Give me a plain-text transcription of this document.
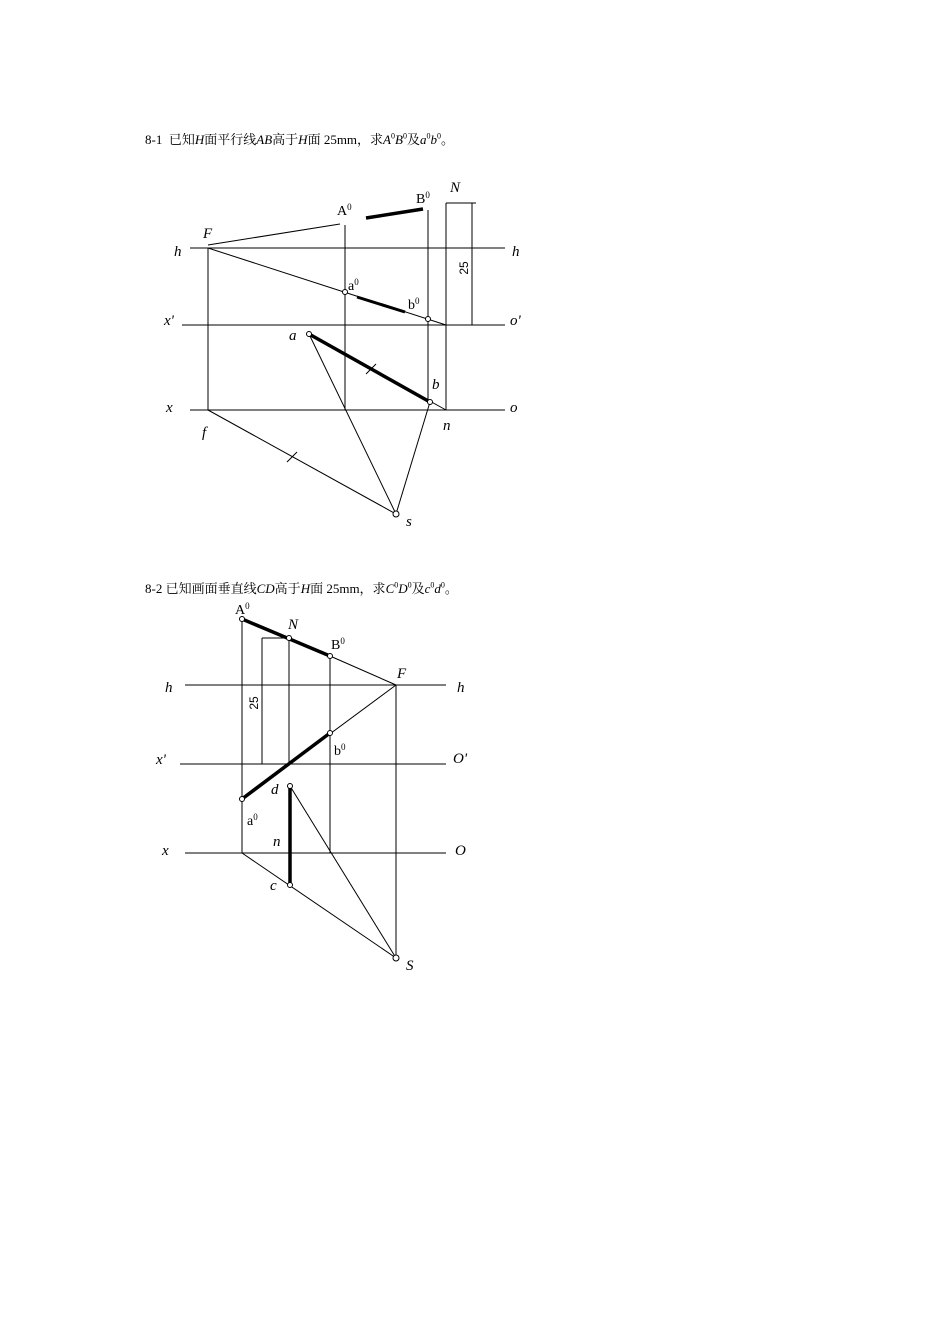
8-1 已知H面平行线AB高于H面 25mm，求$A^0B^0$及$a^0b^0$。
8-2 已知画面垂直线CD高于H面 25mm，求$C^0D^0$及$c^0d^0$。
$A^0$	$B^0$ N
F
h	h
$a^0$
$b^0$
x'	o'
a
b
x	o
f	n
s
25
$A^0$
N
$B^0$
F
h	h
x'	O'
$b^0$
d
$a^0$
x	O
n
c
S
25
